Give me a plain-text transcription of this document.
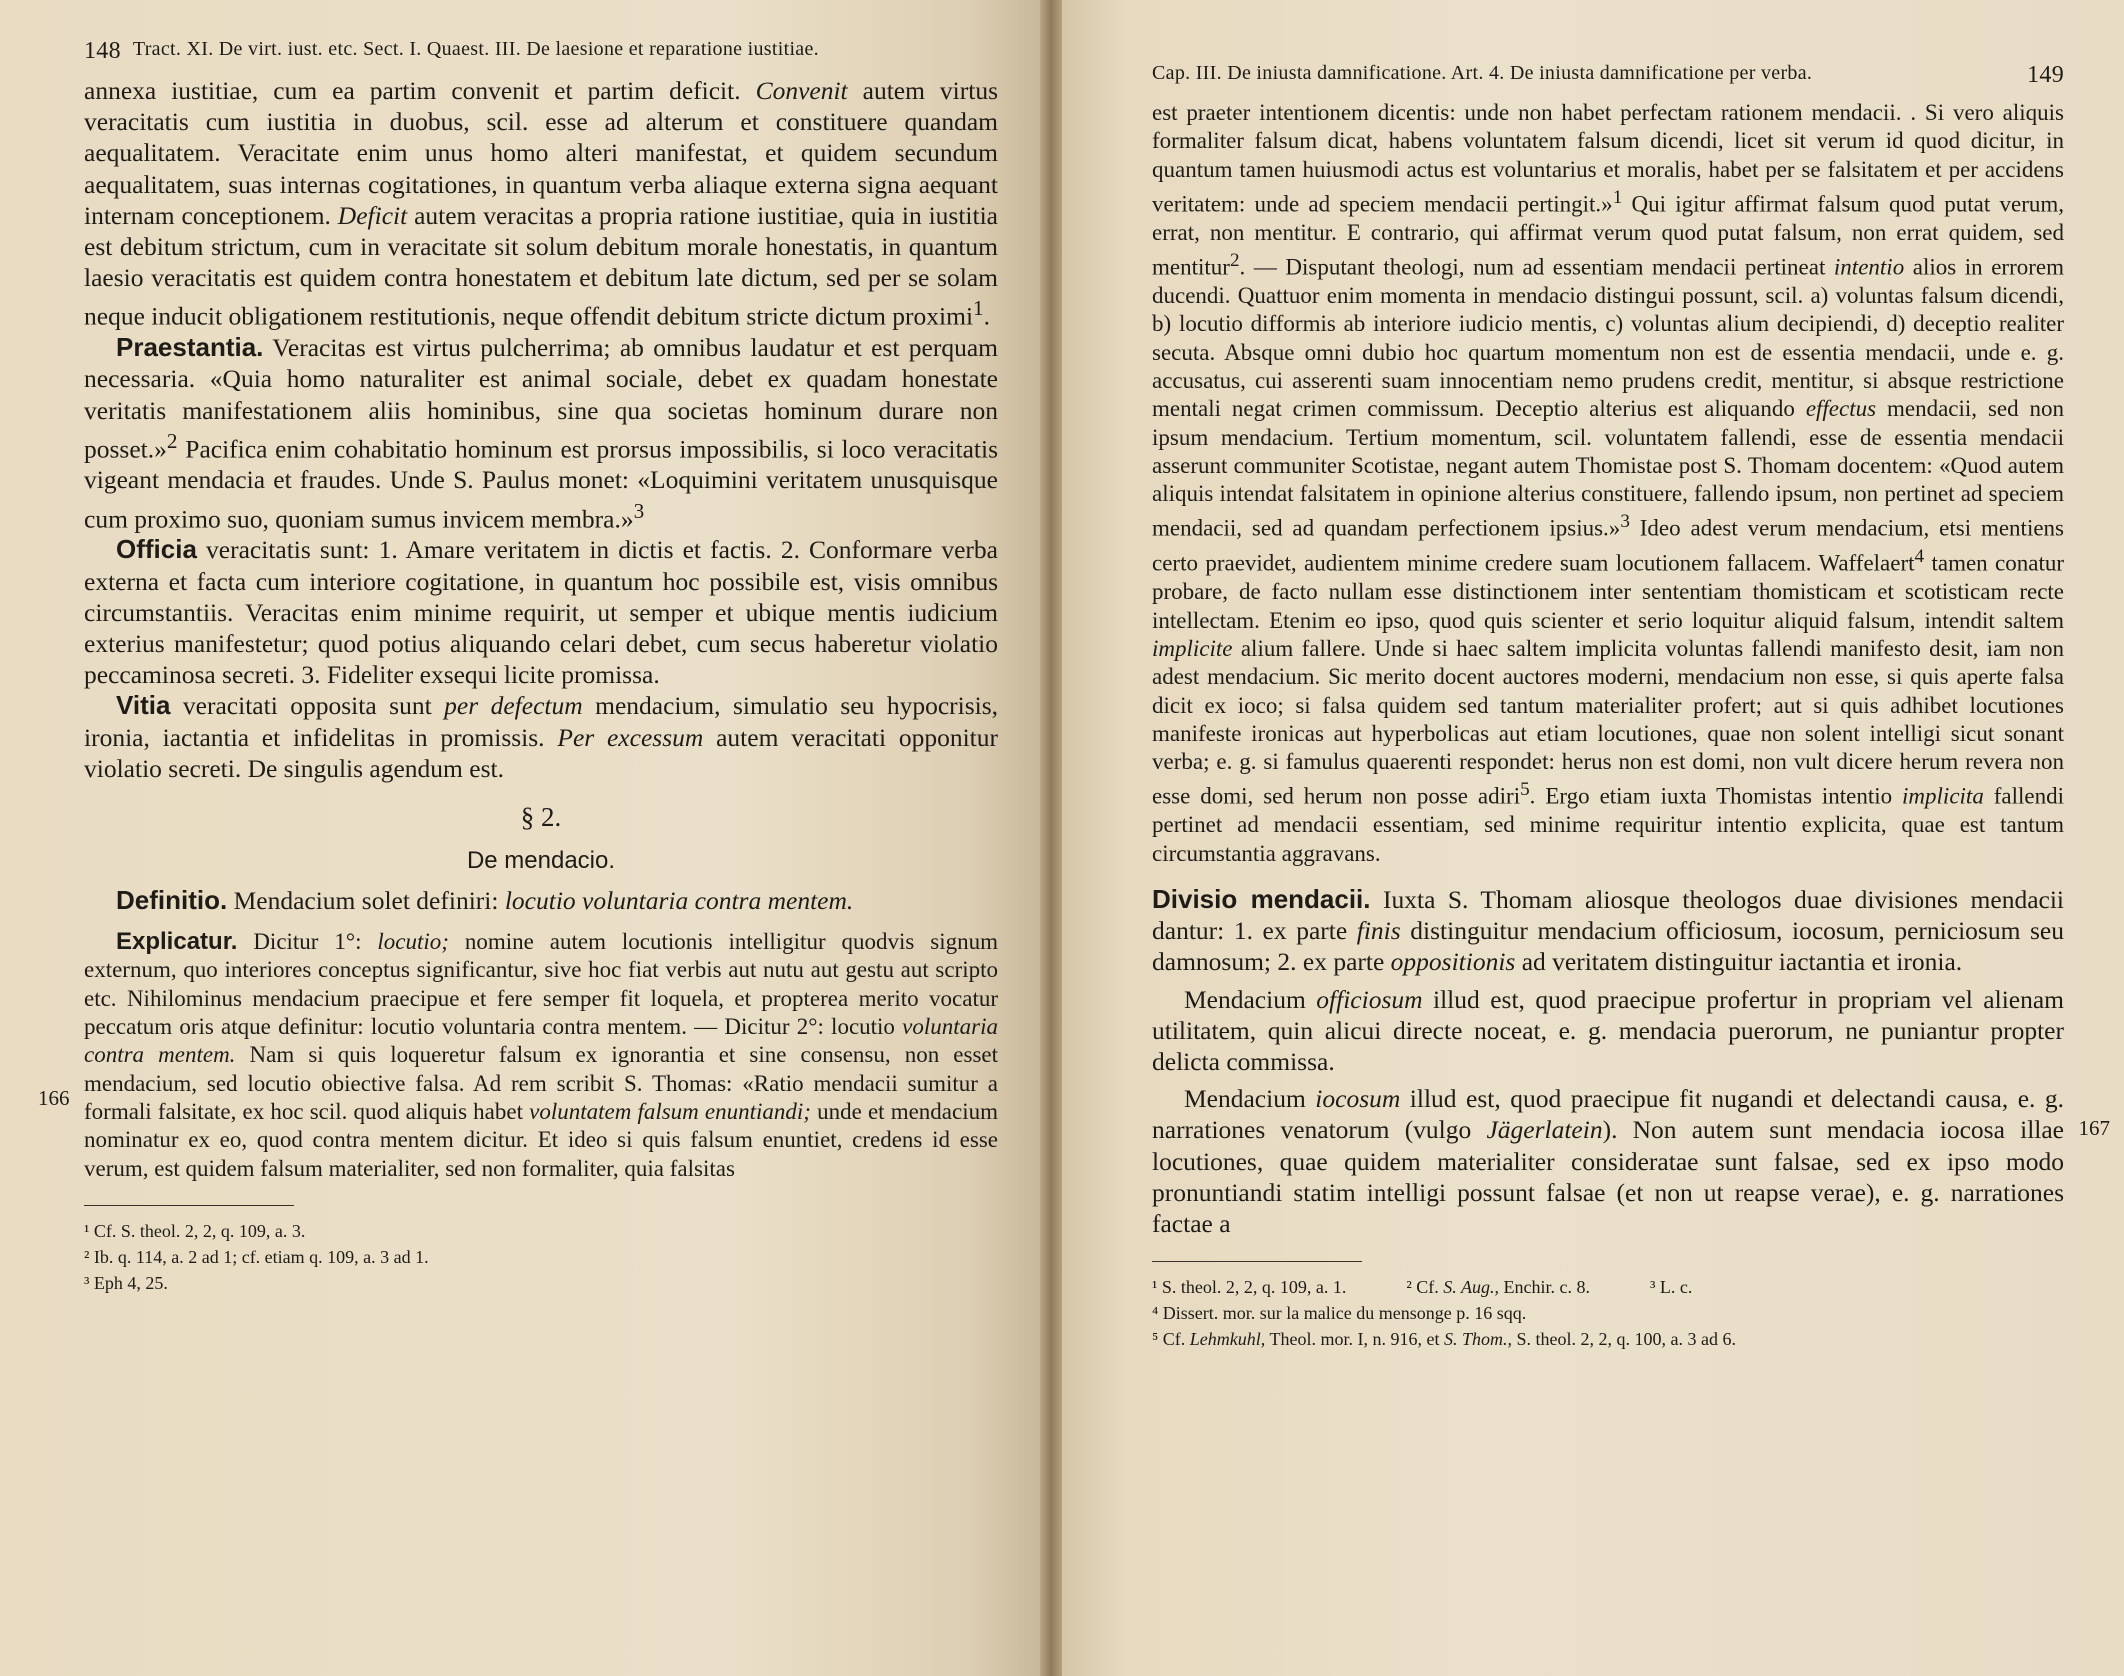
148 Tract. XI. De virt. iust. etc. Sect. I. Quaest. III. De laesione et reparatione iustitiae.

annexa iustitiae, cum ea partim convenit et partim deficit. Convenit autem virtus veracitatis cum iustitia in duobus, scil. esse ad alterum et constituere quandam aequalitatem. Veracitate enim unus homo alteri manifestat, et quidem secundum aequalitatem, suas internas cogitationes, in quantum verba aliaque externa signa aequant internam conceptionem. Deficit autem veracitas a propria ratione iustitiae, quia in iustitia est debitum strictum, cum in veracitate sit solum debitum morale honestatis, in quantum laesio veracitatis est quidem contra honestatem et debitum late dictum, sed per se solam neque inducit obligationem restitutionis, neque offendit debitum stricte dictum proximi$^1$.

Praestantia. Veracitas est virtus pulcherrima; ab omnibus laudatur et est perquam necessaria. «Quia homo naturaliter est animal sociale, debet ex quadam honestate veritatis manifestationem aliis hominibus, sine qua societas hominum durare non posset.»$^2$ Pacifica enim cohabitatio hominum est prorsus impossibilis, si loco veracitatis vigeant mendacia et fraudes. Unde S. Paulus monet: «Loquimini veritatem unusquisque cum proximo suo, quoniam sumus invicem membra.»$^3$

Officia veracitatis sunt: 1. Amare veritatem in dictis et factis. 2. Conformare verba externa et facta cum interiore cogitatione, in quantum hoc possibile est, visis omnibus circumstantiis. Veracitas enim minime requirit, ut semper et ubique mentis iudicium exterius manifestetur; quod potius aliquando celari debet, cum secus haberetur violatio peccaminosa secreti. 3. Fideliter exsequi licite promissa.

Vitia veracitati opposita sunt per defectum mendacium, simulatio seu hypocrisis, ironia, iactantia et infidelitas in promissis. Per excessum autem veracitati opponitur violatio secreti. De singulis agendum est.

§ 2.
De mendacio.
166

Definitio. Mendacium solet definiri: locutio voluntaria contra mentem.

Explicatur. Dicitur 1°: locutio; nomine autem locutionis intelligitur quodvis signum externum, quo interiores conceptus significantur, sive hoc fiat verbis aut nutu aut gestu aut scripto etc. Nihilominus mendacium praecipue et fere semper fit loquela, et propterea merito vocatur peccatum oris atque definitur: locutio voluntaria contra mentem. — Dicitur 2°: locutio voluntaria contra mentem. Nam si quis loqueretur falsum ex ignorantia et sine consensu, non esset mendacium, sed locutio obiective falsa. Ad rem scribit S. Thomas: «Ratio mendacii sumitur a formali falsitate, ex hoc scil. quod aliquis habet voluntatem falsum enuntiandi; unde et mendacium nominatur ex eo, quod contra mentem dicitur. Et ideo si quis falsum enuntiet, credens id esse verum, est quidem falsum materialiter, sed non formaliter, quia falsitas

¹ Cf. S. theol. 2, 2, q. 109, a. 3.
² Ib. q. 114, a. 2 ad 1; cf. etiam q. 109, a. 3 ad 1.
³ Eph 4, 25.
Cap. III. De iniusta damnificatione. Art. 4. De iniusta damnificatione per verba.	149

est praeter intentionem dicentis: unde non habet perfectam rationem mendacii. . Si vero aliquis formaliter falsum dicat, habens voluntatem falsum dicendi, licet sit verum id quod dicitur, in quantum tamen huiusmodi actus est voluntarius et moralis, habet per se falsitatem et per accidens veritatem: unde ad speciem mendacii pertingit.»$^1$ Qui igitur affirmat falsum quod putat verum, errat, non mentitur. E contrario, qui affirmat verum quod putat falsum, non errat quidem, sed mentitur$^2$. — Disputant theologi, num ad essentiam mendacii pertineat intentio alios in errorem ducendi. Quattuor enim momenta in mendacio distingui possunt, scil. a) voluntas falsum dicendi, b) locutio difformis ab interiore iudicio mentis, c) voluntas alium decipiendi, d) deceptio realiter secuta. Absque omni dubio hoc quartum momentum non est de essentia mendacii, unde e. g. accusatus, cui asserenti suam innocentiam nemo prudens credit, mentitur, si absque restrictione mentali negat crimen commissum. Deceptio alterius est aliquando effectus mendacii, sed non ipsum mendacium. Tertium momentum, scil. voluntatem fallendi, esse de essentia mendacii asserunt communiter Scotistae, negant autem Thomistae post S. Thomam docentem: «Quod autem aliquis intendat falsitatem in opinione alterius constituere, fallendo ipsum, non pertinet ad speciem mendacii, sed ad quandam perfectionem ipsius.»$^3$ Ideo adest verum mendacium, etsi mentiens certo praevidet, audientem minime credere suam locutionem fallacem. Waffelaert$^4$ tamen conatur probare, de facto nullam esse distinctionem inter sententiam thomisticam et scotisticam recte intellectam. Etenim eo ipso, quod quis scienter et serio loquitur aliquid falsum, intendit saltem implicite alium fallere. Unde si haec saltem implicita voluntas fallendi manifesto desit, iam non adest mendacium. Sic merito docent auctores moderni, mendacium non esse, si quis aperte falsa dicit ex ioco; si falsa quidem sed tantum materialiter profert; aut si quis adhibet locutiones manifeste ironicas aut hyperbolicas aut etiam locutiones, quae non solent intelligi sicut sonant verba; e. g. si famulus quaerenti respondet: herus non est domi, non vult dicere herum revera non esse domi, sed herum non posse adiri$^5$. Ergo etiam iuxta Thomistas intentio implicita fallendi pertinet ad mendacii essentiam, sed minime requiritur intentio explicita, quae est tantum circumstantia aggravans.

167

Divisio mendacii. Iuxta S. Thomam aliosque theologos duae divisiones mendacii dantur: 1. ex parte finis distinguitur mendacium officiosum, iocosum, perniciosum seu damnosum; 2. ex parte oppositionis ad veritatem distinguitur iactantia et ironia.

Mendacium officiosum illud est, quod praecipue profertur in propriam vel alienam utilitatem, quin alicui directe noceat, e. g. mendacia puerorum, ne puniantur propter delicta commissa.

Mendacium iocosum illud est, quod praecipue fit nugandi et delectandi causa, e. g. narrationes venatorum (vulgo Jägerlatein). Non autem sunt mendacia iocosa illae locutiones, quae quidem materialiter consideratae sunt falsae, sed ex ipso modo pronuntiandi statim intelligi possunt falsae (et non ut reapse verae), e. g. narrationes factae a

¹ S. theol. 2, 2, q. 109, a. 1.	² Cf. S. Aug., Enchir. c. 8.	³ L. c.
⁴ Dissert. mor. sur la malice du mensonge p. 16 sqq.
⁵ Cf. Lehmkuhl, Theol. mor. I, n. 916, et S. Thom., S. theol. 2, 2, q. 100, a. 3 ad 6.
